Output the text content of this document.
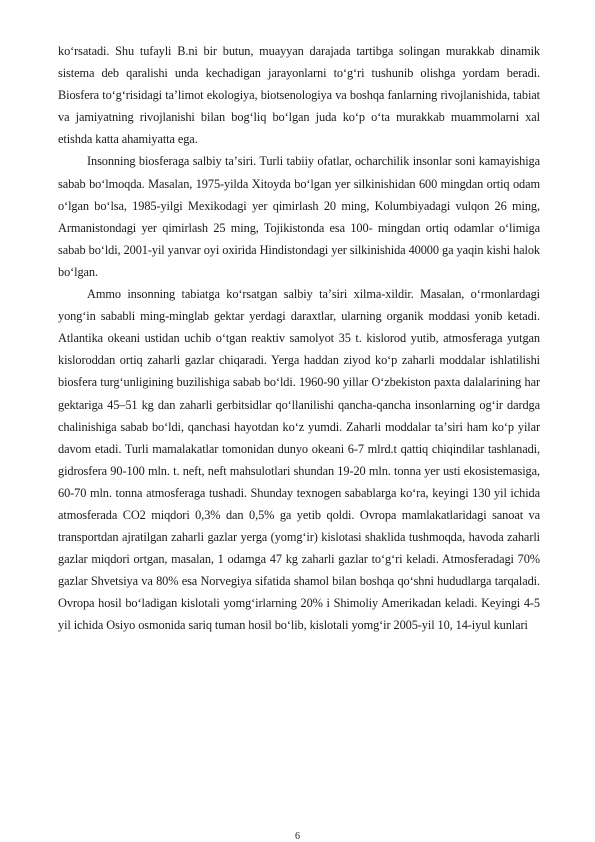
koʻrsatadi. Shu tufayli B.ni bir butun, muayyan darajada tartibga solingan murakkab dinamik sistema deb qaralishi unda kechadigan jarayonlarni toʻgʻri tushunib olishga yordam beradi. Biosfera toʻgʻrisidagi taʼlimot ekologiya, biotsenologiya va boshqa fanlarning rivojlanishida, tabiat va jamiyatning rivojlanishi bilan bogʻliq boʻlgan juda koʻp oʻta murakkab muammolarni xal etishda katta ahamiyatta ega.

Insonning biosferaga salbiy taʼsiri. Turli tabiiy ofatlar, ocharchilik insonlar soni kamayishiga sabab boʻlmoqda. Masalan, 1975-yilda Xitoyda boʻlgan yer silkinishidan 600 mingdan ortiq odam oʻlgan boʻlsa, 1985-yilgi Mexikodagi yer qimirlash 20 ming, Kolumbiyadagi vulqon 26 ming, Armanistondagi yer qimirlash 25 ming, Tojikistonda esa 100- mingdan ortiq odamlar oʻlimiga sabab boʻldi, 2001-yil yanvar oyi oxirida Hindistondagi yer silkinishida 40000 ga yaqin kishi halok boʻlgan.

Ammo insonning tabiatga koʻrsatgan salbiy taʼsiri xilma-xildir. Masalan, oʻrmonlardagi yongʻin sababli ming-minglab gektar yerdagi daraxtlar, ularning organik moddasi yonib ketadi. Atlantika okeani ustidan uchib oʻtgan reaktiv samolyot 35 t. kislorod yutib, atmosferaga yutgan kisloroddan ortiq zaharli gazlar chiqaradi. Yerga haddan ziyod koʻp zaharli moddalar ishlatilishi biosfera turgʻunligining buzilishiga sabab boʻldi. 1960-90 yillar Oʻzbekiston paxta dalalarining har gektariga 45–51 kg dan zaharli gerbitsidlar qoʻllanilishi qancha-qancha insonlarning ogʻir dardga chalinishiga sabab boʻldi, qanchasi hayotdan koʻz yumdi. Zaharli moddalar taʼsiri ham koʻp yilar davom etadi. Turli mamalakatlar tomonidan dunyo okeani 6-7 mlrd.t qattiq chiqindilar tashlanadi, gidrosfera 90-100 mln. t. neft, neft mahsulotlari shundan 19-20 mln. tonna yer usti ekosistemasiga, 60-70 mln. tonna atmosferaga tushadi. Shunday texnogen sabablarga koʻra, keyingi 130 yil ichida atmosferada CO2 miqdori 0,3% dan 0,5% ga yetib qoldi. Ovropa mamlakatlaridagi sanoat va transportdan ajratilgan zaharli gazlar yerga (yomgʻir) kislotasi shaklida tushmoqda, havoda zaharli gazlar miqdori ortgan, masalan, 1 odamga 47 kg zaharli gazlar toʻgʻri keladi. Atmosferadagi 70% gazlar Shvetsiya va 80% esa Norvegiya sifatida shamol bilan boshqa qoʻshni hududlarga tarqaladi. Ovropa hosil boʻladigan kislotali yomgʻirlarning 20% i Shimoliy Amerikadan keladi. Keyingi 4-5 yil ichida Osiyo osmonida sariq tuman hosil boʻlib, kislotali yomgʻir 2005-yil 10, 14-iyul kunlari

6
